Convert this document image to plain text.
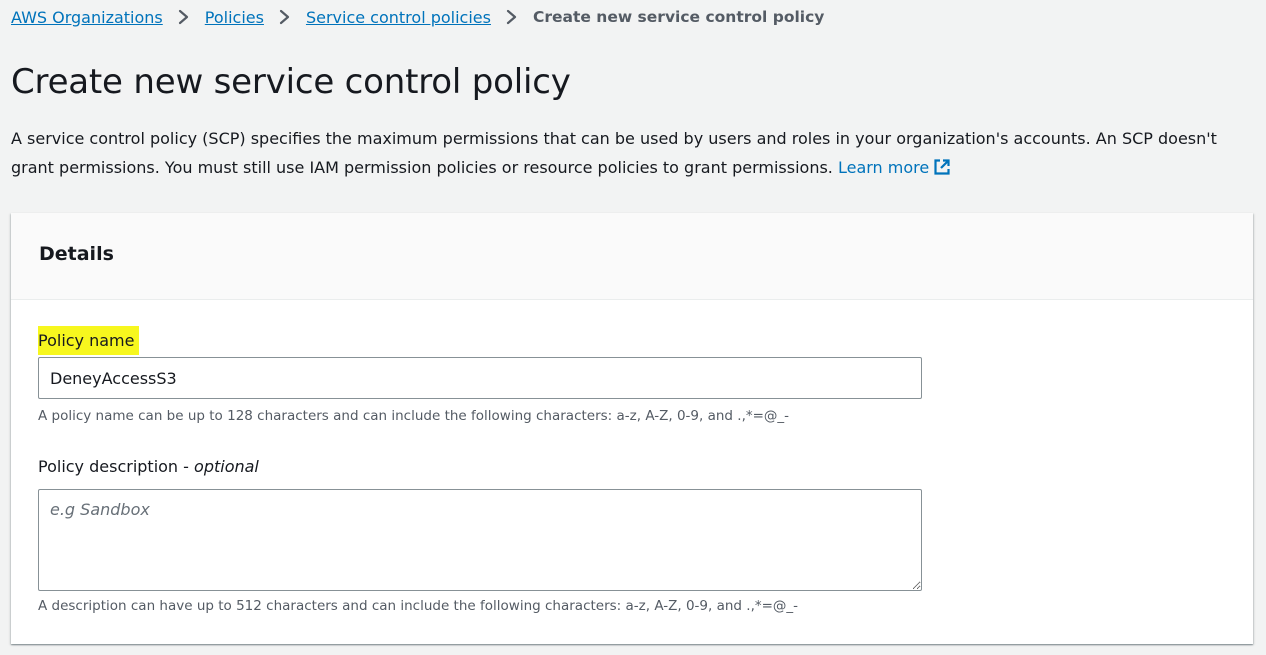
AWS Organizations	Policies	Service control policies	Create new service control policy
Create new service control policy

A service control policy (SCP) specifies the maximum permissions that can be used by users and roles in your organization's accounts. An SCP doesn't grant permissions. You must still use IAM permission policies or resource policies to grant permissions. Learn more

Details
Policy name
DeneyAccessS3
A policy name can be up to 128 characters and can include the following characters: a-z, A-Z, 0-9, and .,*=@_-
Policy description - optional
e.g Sandbox
A description can have up to 512 characters and can include the following characters: a-z, A-Z, 0-9, and .,*=@_-
